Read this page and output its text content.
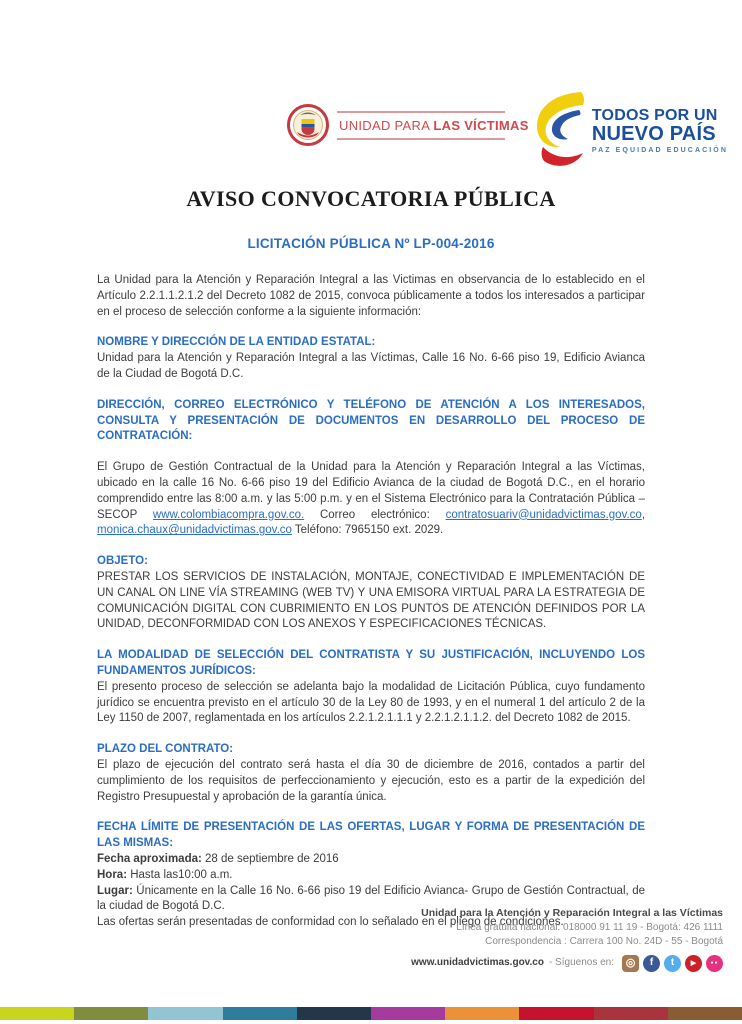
UNIDAD PARA LAS VÍCTIMAS
TODOS POR UN
NUEVO PAÍS
PAZ EQUIDAD EDUCACIÓN
AVISO CONVOCATORIA PÚBLICA
LICITACIÓN PÚBLICA Nº LP-004-2016

La Unidad para la Atención y Reparación Integral a las Victimas en observancia de lo establecido en el Artículo 2.2.1.1.2.1.2 del Decreto 1082 de 2015, convoca públicamente a todos los interesados a participar en el proceso de selección conforme a la siguiente información:

NOMBRE Y DIRECCIÓN DE LA ENTIDAD ESTATAL:
Unidad para la Atención y Reparación Integral a las Víctimas, Calle 16 No. 6-66 piso 19, Edificio Avianca de la Ciudad de Bogotá D.C.
DIRECCIÓN, CORREO ELECTRÓNICO Y TELÉFONO DE ATENCIÓN A LOS INTERESADOS, CONSULTA Y PRESENTACIÓN DE DOCUMENTOS EN DESARROLLO DEL PROCESO DE CONTRATACIÓN:
El Grupo de Gestión Contractual de la Unidad para la Atención y Reparación Integral a las Víctimas, ubicado en la calle 16 No. 6-66 piso 19 del Edificio Avianca de la ciudad de Bogotá D.C., en el horario comprendido entre las 8:00 a.m. y las 5:00 p.m. y en el Sistema Electrónico para la Contratación Pública – SECOP www.colombiacompra.gov.co. Correo electrónico: contratosuariv@unidadvictimas.gov.co, monica.chaux@unidadvictimas.gov.co Teléfono: 7965150 ext. 2029.
OBJETO:
PRESTAR LOS SERVICIOS DE INSTALACIÓN, MONTAJE, CONECTIVIDAD E IMPLEMENTACIÓN DE UN CANAL ON LINE VÍA STREAMING (WEB TV) Y UNA EMISORA VIRTUAL PARA LA ESTRATEGIA DE COMUNICACIÓN DIGITAL CON CUBRIMIENTO EN LOS PUNTOS DE ATENCIÓN DEFINIDOS POR LA UNIDAD, DECONFORMIDAD CON LOS ANEXOS Y ESPECIFICACIONES TÉCNICAS.
LA MODALIDAD DE SELECCIÓN DEL CONTRATISTA Y SU JUSTIFICACIÓN, INCLUYENDO LOS FUNDAMENTOS JURÍDICOS:
El presento proceso de selección se adelanta bajo la modalidad de Licitación Pública, cuyo fundamento jurídico se encuentra previsto en el artículo 30 de la Ley 80 de 1993, y en el numeral 1 del artículo 2 de la Ley 1150 de 2007, reglamentada en los artículos 2.2.1.2.1.1.1 y 2.2.1.2.1.1.2. del Decreto 1082 de 2015.
PLAZO DEL CONTRATO:
El plazo de ejecución del contrato será hasta el día 30 de diciembre de 2016, contados a partir del cumplimiento de los requisitos de perfeccionamiento y ejecución, esto es a partir de la expedición del Registro Presupuestal y aprobación de la garantía única.
FECHA LÍMITE DE PRESENTACIÓN DE LAS OFERTAS, LUGAR Y FORMA DE PRESENTACIÓN DE LAS MISMAS:
Fecha aproximada: 28 de septiembre de 2016
Hora: Hasta las10:00 a.m.
Lugar: Únicamente en la Calle 16 No. 6-66 piso 19 del Edificio Avianca- Grupo de Gestión Contractual, de la ciudad de Bogotá D.C.
Las ofertas serán presentadas de conformidad con lo señalado en el pliego de condiciones.
Unidad para la Atención y Reparación Integral a las Víctimas
Línea gratuita nacional: 018000 91 11 19 - Bogotá: 426 1111
Correspondencia : Carrera 100 No. 24D - 55 - Bogotá
www.unidadvictimas.gov.co - Síguenos en:	◎	f	t	▶	●●
